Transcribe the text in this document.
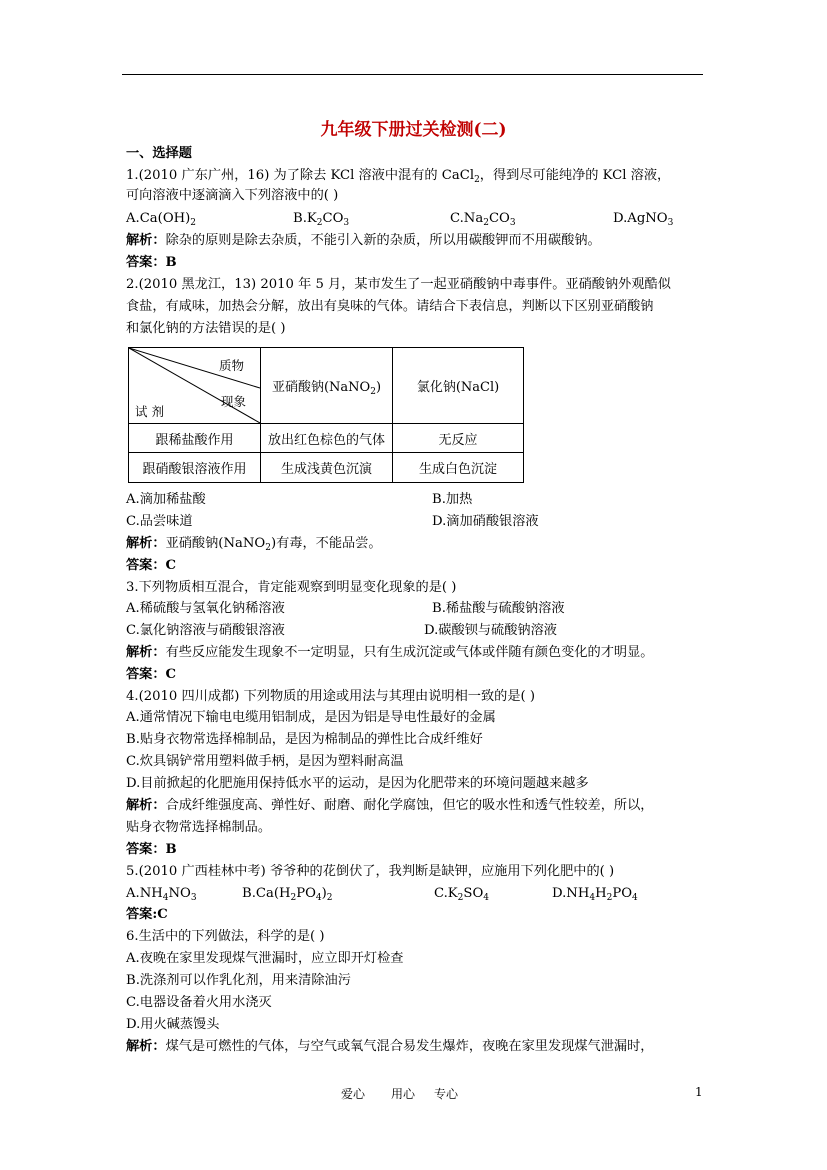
九年级下册过关检测(二)
一、选择题
1.(2010 广东广州，16) 为了除去 KCl 溶液中混有的 CaCl$_2$，得到尽可能纯净的 KCl 溶液，
可向溶液中逐滴滴入下列溶液中的( )
$A.Ca(OH)_2$	$B.K_2CO_3$	$C.Na_2CO_3$	D.AgNO$_3$
解析：除杂的原则是除去杂质，不能引入新的杂质，所以用碳酸钾而不用碳酸钠。
答案：B
2.(2010 黑龙江，13) 2010 年 5 月，某市发生了一起亚硝酸钠中毒事件。亚硝酸钠外观酷似
食盐，有咸味，加热会分解，放出有臭味的气体。请结合下表信息，判断以下区别亚硝酸钠
和氯化钠的方法错误的是( )
质物
现象
试 剂	亚硝酸钠(NaNO$_2$)	氯化钠(NaCl)
跟稀盐酸作用	放出红色棕色的气体	无反应
跟硝酸银溶液作用	生成浅黄色沉演	生成白色沉淀
A.滴加稀盐酸	B.加热
C.品尝味道	D.滴加硝酸银溶液
解析：亚硝酸钠(NaNO$_2$)有毒，不能品尝。
答案：C
3.下列物质相互混合，肯定能观察到明显变化现象的是( )
A.稀硫酸与氢氧化钠稀溶液	B.稀盐酸与硫酸钠溶液
C.氯化钠溶液与硝酸银溶液	D.碳酸钡与硫酸钠溶液
解析：有些反应能发生现象不一定明显，只有生成沉淀或气体或伴随有颜色变化的才明显。
答案：C
4.(2010 四川成都) 下列物质的用途或用法与其理由说明相一致的是( )
A.通常情况下输电电缆用铝制成，是因为铝是导电性最好的金属
B.贴身衣物常选择棉制品，是因为棉制品的弹性比合成纤维好
C.炊具锅铲常用塑料做手柄，是因为塑料耐高温
D.目前掀起的化肥施用保持低水平的运动，是因为化肥带来的环境问题越来越多
解析：合成纤维强度高、弹性好、耐磨、耐化学腐蚀，但它的吸水性和透气性较差，所以，
贴身衣物常选择棉制品。
答案：B
5.(2010 广西桂林中考) 爷爷种的花倒伏了，我判断是缺钾，应施用下列化肥中的( )
$A.NH_4NO_3$	$B.Ca(H_2PO_4)_2$	$C.K_2SO_4$	$D.NH_4H_2PO_4$
答案:C
6.生活中的下列做法，科学的是( )
A.夜晚在家里发现煤气泄漏时，应立即开灯检查
B.洗涤剂可以作乳化剂，用来清除油污
C.电器设备着火用水浇灭
D.用火碱蒸馒头
解析：煤气是可燃性的气体，与空气或氧气混合易发生爆炸，夜晚在家里发现煤气泄漏时，
爱心 用心 专心	1
